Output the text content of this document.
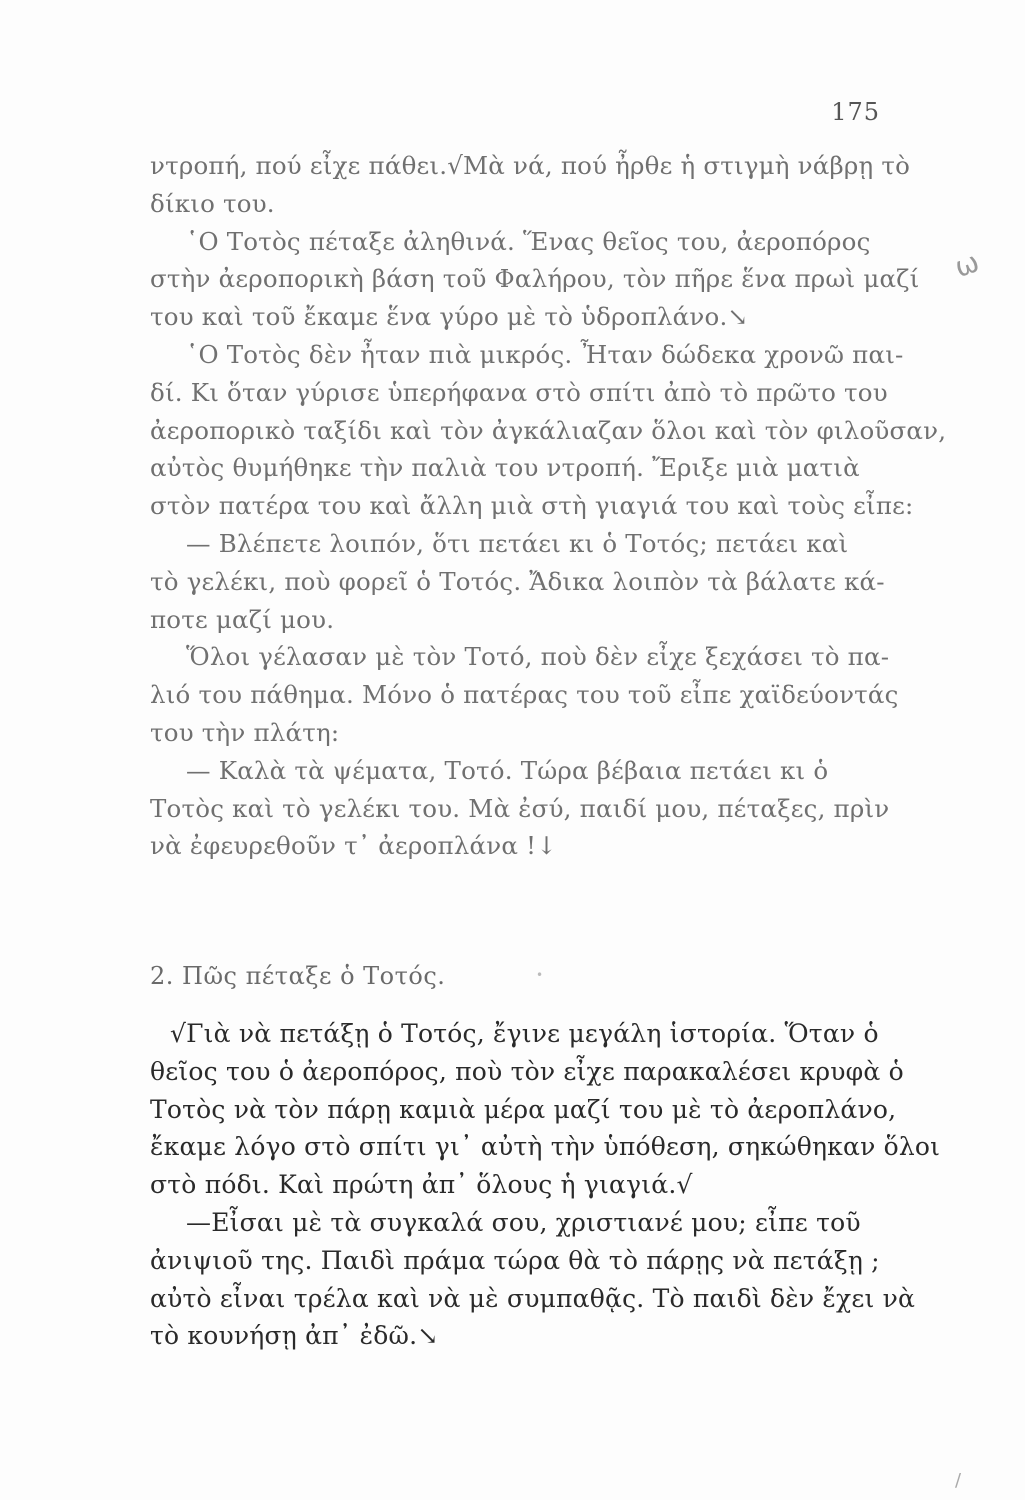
175
ντροπή, πού εἶχε πάθει.√Μὰ νά, πού ἦρθε ἡ στιγμὴ νάβρῃ τὸ
δίκιο του.
῾Ο Τοτὸς πέταξε ἀληθινά. Ἕνας θεῖος του, ἀεροπόρος
στὴν ἀεροπορικὴ βάση τοῦ Φαλήρου, τὸν πῆρε ἕνα πρωὶ μαζί
του καὶ τοῦ ἔκαμε ἕνα γύρο μὲ τὸ ὑδροπλάνο.↘
῾Ο Τοτὸς δὲν ἦταν πιὰ μικρός. Ἦταν δώδεκα χρονῶ παι-
δί. Κι ὅταν γύρισε ὑπερήφανα στὸ σπίτι ἀπὸ τὸ πρῶτο του
ἀεροπορικὸ ταξίδι καὶ τὸν ἀγκάλιαζαν ὅλοι καὶ τὸν φιλοῦσαν,
αὐτὸς θυμήθηκε τὴν παλιὰ του ντροπή. Ἔριξε μιὰ ματιὰ
στὸν πατέρα του καὶ ἄλλη μιὰ στὴ γιαγιά του καὶ τοὺς εἶπε:
— Βλέπετε λοιπόν, ὅτι πετάει κι ὁ Τοτός; πετάει καὶ
τὸ γελέκι, ποὺ φορεῖ ὁ Τοτός. Ἄδικα λοιπὸν τὰ βάλατε κά-
ποτε μαζί μου.
Ὅλοι γέλασαν μὲ τὸν Τοτό, ποὺ δὲν εἶχε ξεχάσει τὸ πα-
λιό του πάθημα. Μόνο ὁ πατέρας του τοῦ εἶπε χαϊδεύοντάς
του τὴν πλάτη:
— Καλὰ τὰ ψέματα, Τοτό. Τώρα βέβαια πετάει κι ὁ
Τοτὸς καὶ τὸ γελέκι του. Μὰ ἐσύ, παιδί μου, πέταξες, πρὶν
νὰ ἐφευρεθοῦν τ᾽ ἀεροπλάνα !↓
2. Πῶς πέταξε ὁ Τοτός.
√Γιὰ νὰ πετάξῃ ὁ Τοτός, ἔγινε μεγάλη ἱστορία. Ὅταν ὁ
θεῖος του ὁ ἀεροπόρος, ποὺ τὸν εἶχε παρακαλέσει κρυφὰ ὁ
Τοτὸς νὰ τὸν πάρῃ καμιὰ μέρα μαζί του μὲ τὸ ἀεροπλάνο,
ἔκαμε λόγο στὸ σπίτι γι᾽ αὐτὴ τὴν ὑπόθεση, σηκώθηκαν ὅλοι
στὸ πόδι. Καὶ πρώτη ἀπ᾽ ὅλους ἡ γιαγιά.√
—Εἶσαι μὲ τὰ συγκαλά σου, χριστιανέ μου; εἶπε τοῦ
ἀνιψιοῦ της. Παιδὶ πράμα τώρα θὰ τὸ πάρῃς νὰ πετάξῃ ;
αὐτὸ εἶναι τρέλα καὶ νὰ μὲ συμπαθᾷς. Τὸ παιδὶ δὲν ἔχει νὰ
τὸ κουνήσῃ ἀπ᾽ ἐδῶ.↘
ω
•
/
